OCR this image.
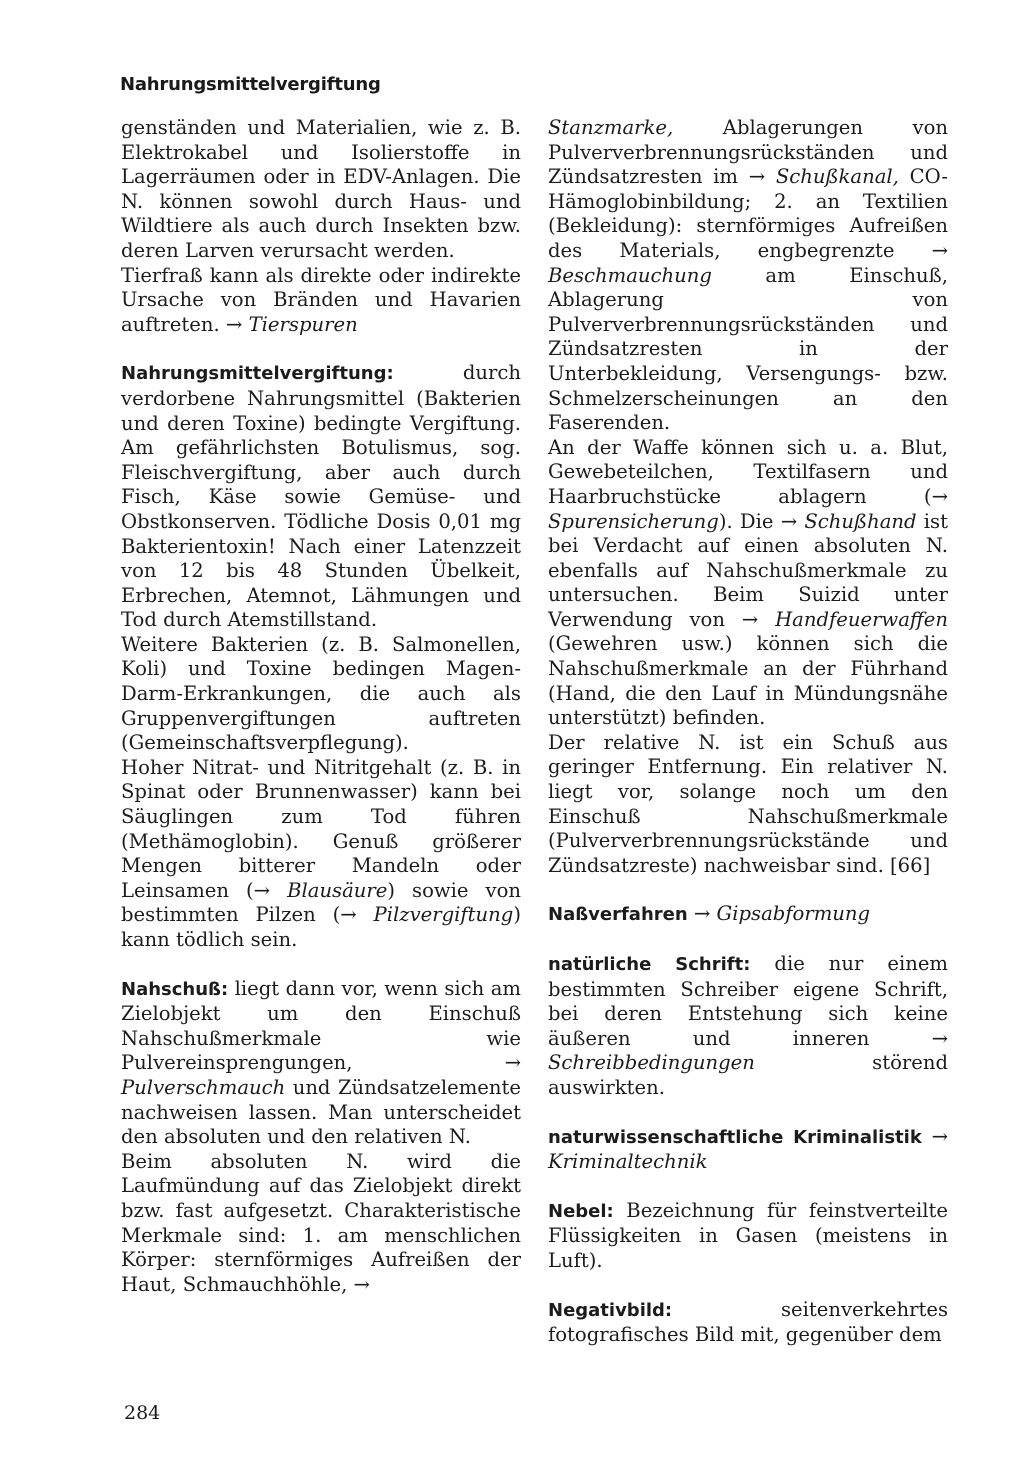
Nahrungsmittelvergiftung

genständen und Materialien, wie z. B. Elektrokabel und Isolierstoffe in Lagerräumen oder in EDV-Anlagen. Die N. können sowohl durch Haus- und Wildtiere als auch durch Insekten bzw. deren Larven verursacht werden.

Tierfraß kann als direkte oder indirekte Ursache von Bränden und Havarien auftreten. → Tierspuren

Nahrungsmittelvergiftung: durch verdorbene Nahrungsmittel (Bakterien und deren Toxine) bedingte Vergiftung. Am gefährlichsten Botulismus, sog. Fleischvergiftung, aber auch durch Fisch, Käse sowie Gemüse- und Obstkonserven. Tödliche Dosis 0,01 mg Bakterientoxin! Nach einer Latenzzeit von 12 bis 48 Stunden Übelkeit, Erbrechen, Atemnot, Lähmungen und Tod durch Atemstillstand.

Weitere Bakterien (z. B. Salmonellen, Koli) und Toxine bedingen Magen-Darm-Erkrankungen, die auch als Gruppenvergiftungen auftreten (Gemeinschaftsverpflegung).

Hoher Nitrat- und Nitritgehalt (z. B. in Spinat oder Brunnenwasser) kann bei Säuglingen zum Tod führen (Methämoglobin). Genuß größerer Mengen bitterer Mandeln oder Leinsamen (→ Blausäure) sowie von bestimmten Pilzen (→ Pilzvergiftung) kann tödlich sein.

Nahschuß: liegt dann vor, wenn sich am Zielobjekt um den Einschuß Nahschußmerkmale wie Pulvereinsprengungen, → Pulverschmauch und Zündsatzelemente nachweisen lassen. Man unterscheidet den absoluten und den relativen N.

Beim absoluten N. wird die Laufmündung auf das Zielobjekt direkt bzw. fast aufgesetzt. Charakteristische Merkmale sind: 1. am menschlichen Körper: sternförmiges Aufreißen der Haut, Schmauchhöhle, →

Stanzmarke, Ablagerungen von Pulververbrennungsrückständen und Zündsatzresten im → Schußkanal, CO-Hämoglobinbildung; 2. an Textilien (Bekleidung): sternförmiges Aufreißen des Materials, engbegrenzte → Beschmauchung am Einschuß, Ablagerung von Pulververbrennungsrückständen und Zündsatzresten in der Unterbekleidung, Versengungs- bzw. Schmelzerscheinungen an den Faserenden.

An der Waffe können sich u. a. Blut, Gewebeteilchen, Textilfasern und Haarbruchstücke ablagern (→ Spurensicherung). Die → Schußhand ist bei Verdacht auf einen absoluten N. ebenfalls auf Nahschußmerkmale zu untersuchen. Beim Suizid unter Verwendung von → Handfeuerwaffen (Gewehren usw.) können sich die Nahschußmerkmale an der Führhand (Hand, die den Lauf in Mündungsnähe unterstützt) befinden.

Der relative N. ist ein Schuß aus geringer Entfernung. Ein relativer N. liegt vor, solange noch um den Einschuß Nahschußmerkmale (Pulververbrennungsrückstände und Zündsatzreste) nachweisbar sind. [66]

Naßverfahren → Gipsabformung

natürliche Schrift: die nur einem bestimmten Schreiber eigene Schrift, bei deren Entstehung sich keine äußeren und inneren → Schreibbedingungen störend auswirkten.

naturwissenschaftliche Kriminalistik → Kriminaltechnik

Nebel: Bezeichnung für feinstverteilte Flüssigkeiten in Gasen (meistens in Luft).

Negativbild: seitenverkehrtes fotografisches Bild mit, gegenüber dem

284
